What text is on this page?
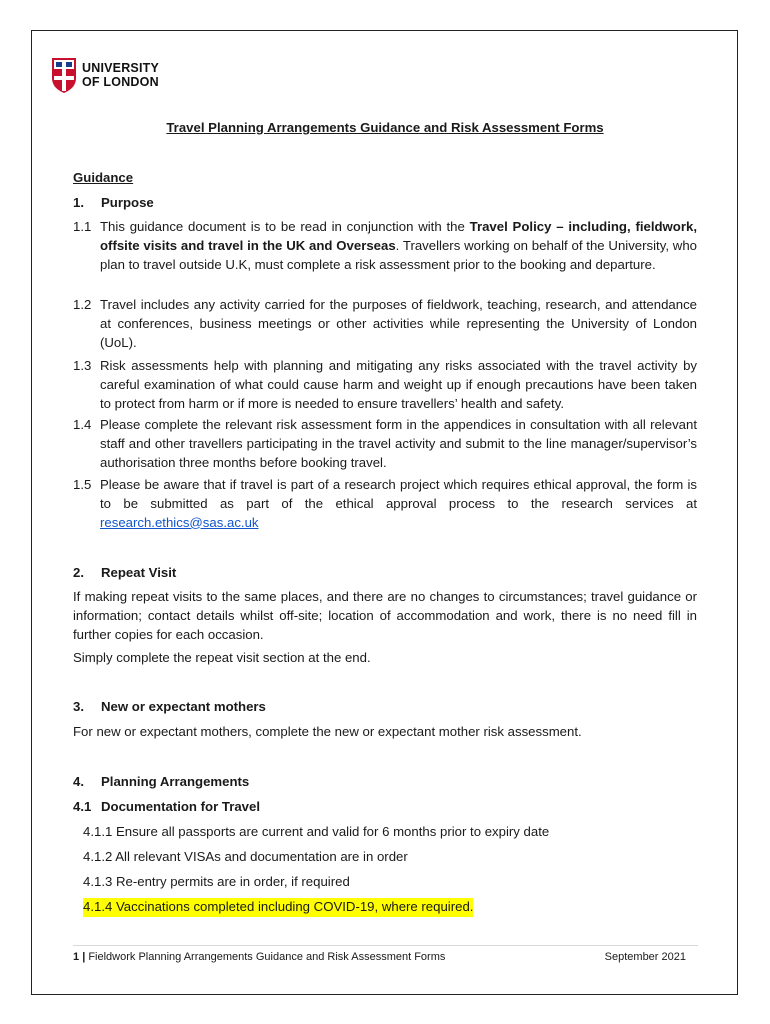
UNIVERSITY
OF LONDON
Travel Planning Arrangements Guidance and Risk Assessment Forms
Guidance
1. Purpose
1.1 This guidance document is to be read in conjunction with the Travel Policy – including, fieldwork, offsite visits and travel in the UK and Overseas. Travellers working on behalf of the University, who plan to travel outside U.K, must complete a risk assessment prior to the booking and departure.
1.2 Travel includes any activity carried for the purposes of fieldwork, teaching, research, and attendance at conferences, business meetings or other activities while representing the University of London (UoL).
1.3 Risk assessments help with planning and mitigating any risks associated with the travel activity by careful examination of what could cause harm and weight up if enough precautions have been taken to protect from harm or if more is needed to ensure travellers’ health and safety.
1.4 Please complete the relevant risk assessment form in the appendices in consultation with all relevant staff and other travellers participating in the travel activity and submit to the line manager/supervisor’s authorisation three months before booking travel.
1.5 Please be aware that if travel is part of a research project which requires ethical approval, the form is to be submitted as part of the ethical approval process to the research services at research.ethics@sas.ac.uk
2. Repeat Visit
If making repeat visits to the same places, and there are no changes to circumstances; travel guidance or information; contact details whilst off-site; location of accommodation and work, there is no need fill in further copies for each occasion.
Simply complete the repeat visit section at the end.
3. New or expectant mothers
For new or expectant mothers, complete the new or expectant mother risk assessment.
4. Planning Arrangements
4.1 Documentation for Travel
4.1.1 Ensure all passports are current and valid for 6 months prior to expiry date
4.1.2 All relevant VISAs and documentation are in order
4.1.3 Re-entry permits are in order, if required
4.1.4 Vaccinations completed including COVID-19, where required.
1 | Fieldwork Planning Arrangements Guidance and Risk Assessment Forms	September 2021
